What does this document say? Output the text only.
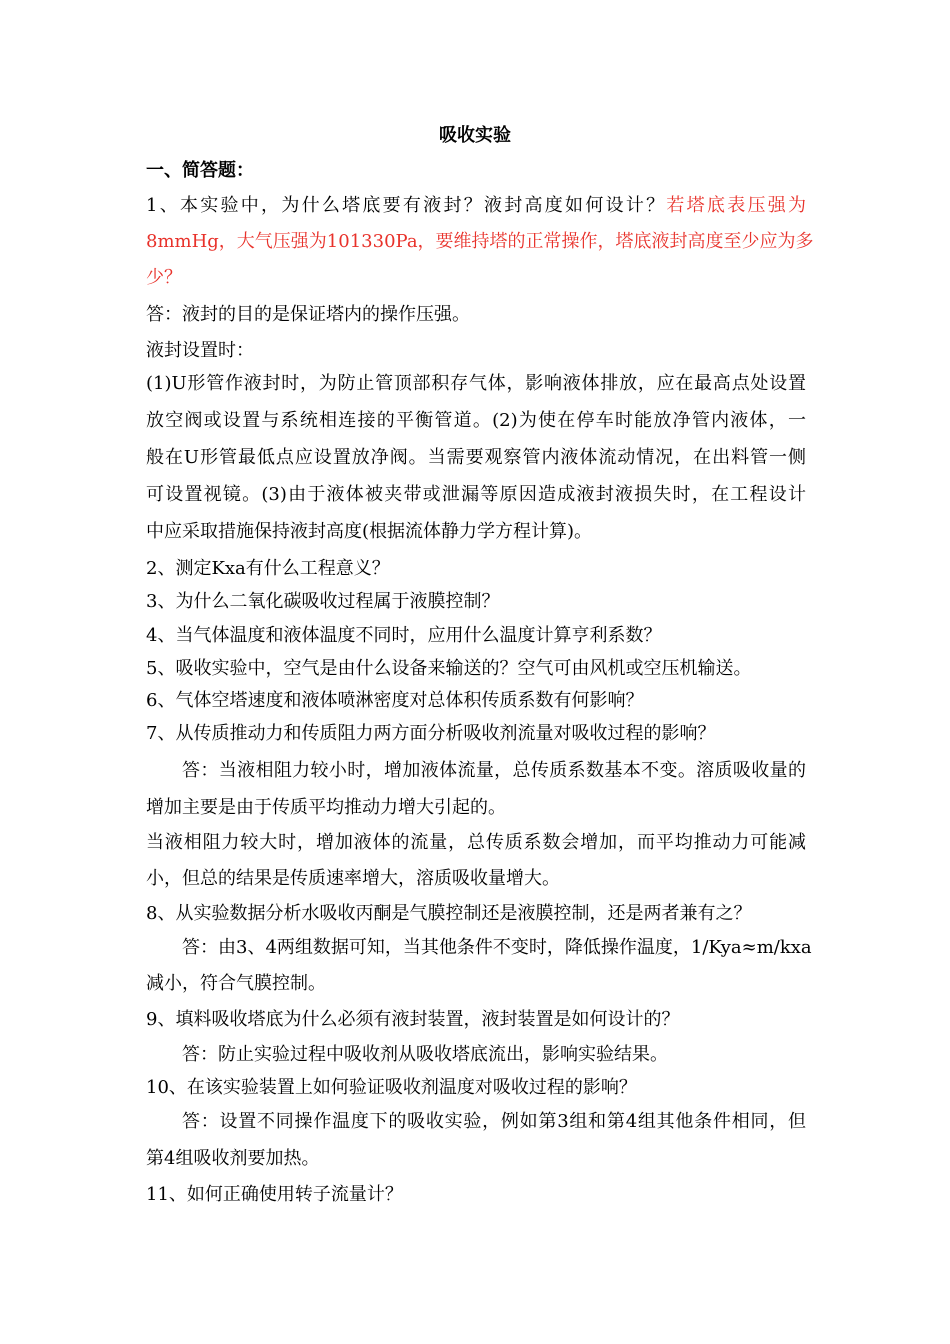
吸收实验
一、简答题：
1、本实验中，为什么塔底要有液封？液封高度如何设计？若塔底表压强为
8mmHg，大气压强为101330Pa，要维持塔的正常操作，塔底液封高度至少应为多
少？
答：液封的目的是保证塔内的操作压强。
液封设置时：
(1)U形管作液封时，为防止管顶部积存气体，影响液体排放，应在最高点处设置
放空阀或设置与系统相连接的平衡管道。(2)为使在停车时能放净管内液体，一
般在U形管最低点应设置放净阀。当需要观察管内液体流动情况，在出料管一侧
可设置视镜。(3)由于液体被夹带或泄漏等原因造成液封液损失时，在工程设计
中应采取措施保持液封高度(根据流体静力学方程计算)。
2、测定Kxa有什么工程意义？
3、为什么二氧化碳吸收过程属于液膜控制？
4、当气体温度和液体温度不同时，应用什么温度计算亨利系数？
5、吸收实验中，空气是由什么设备来输送的？空气可由风机或空压机输送。
6、气体空塔速度和液体喷淋密度对总体积传质系数有何影响？
7、从传质推动力和传质阻力两方面分析吸收剂流量对吸收过程的影响？
答：当液相阻力较小时，增加液体流量，总传质系数基本不变。溶质吸收量的
增加主要是由于传质平均推动力增大引起的。
当液相阻力较大时，增加液体的流量，总传质系数会增加，而平均推动力可能减
小，但总的结果是传质速率增大，溶质吸收量增大。
8、从实验数据分析水吸收丙酮是气膜控制还是液膜控制，还是两者兼有之？
答：由3、4两组数据可知，当其他条件不变时，降低操作温度，1/Kya≈m/kxa
减小，符合气膜控制。
9、填料吸收塔底为什么必须有液封装置，液封装置是如何设计的？
答：防止实验过程中吸收剂从吸收塔底流出，影响实验结果。
10、在该实验装置上如何验证吸收剂温度对吸收过程的影响？
答：设置不同操作温度下的吸收实验，例如第3组和第4组其他条件相同，但
第4组吸收剂要加热。
11、如何正确使用转子流量计？
